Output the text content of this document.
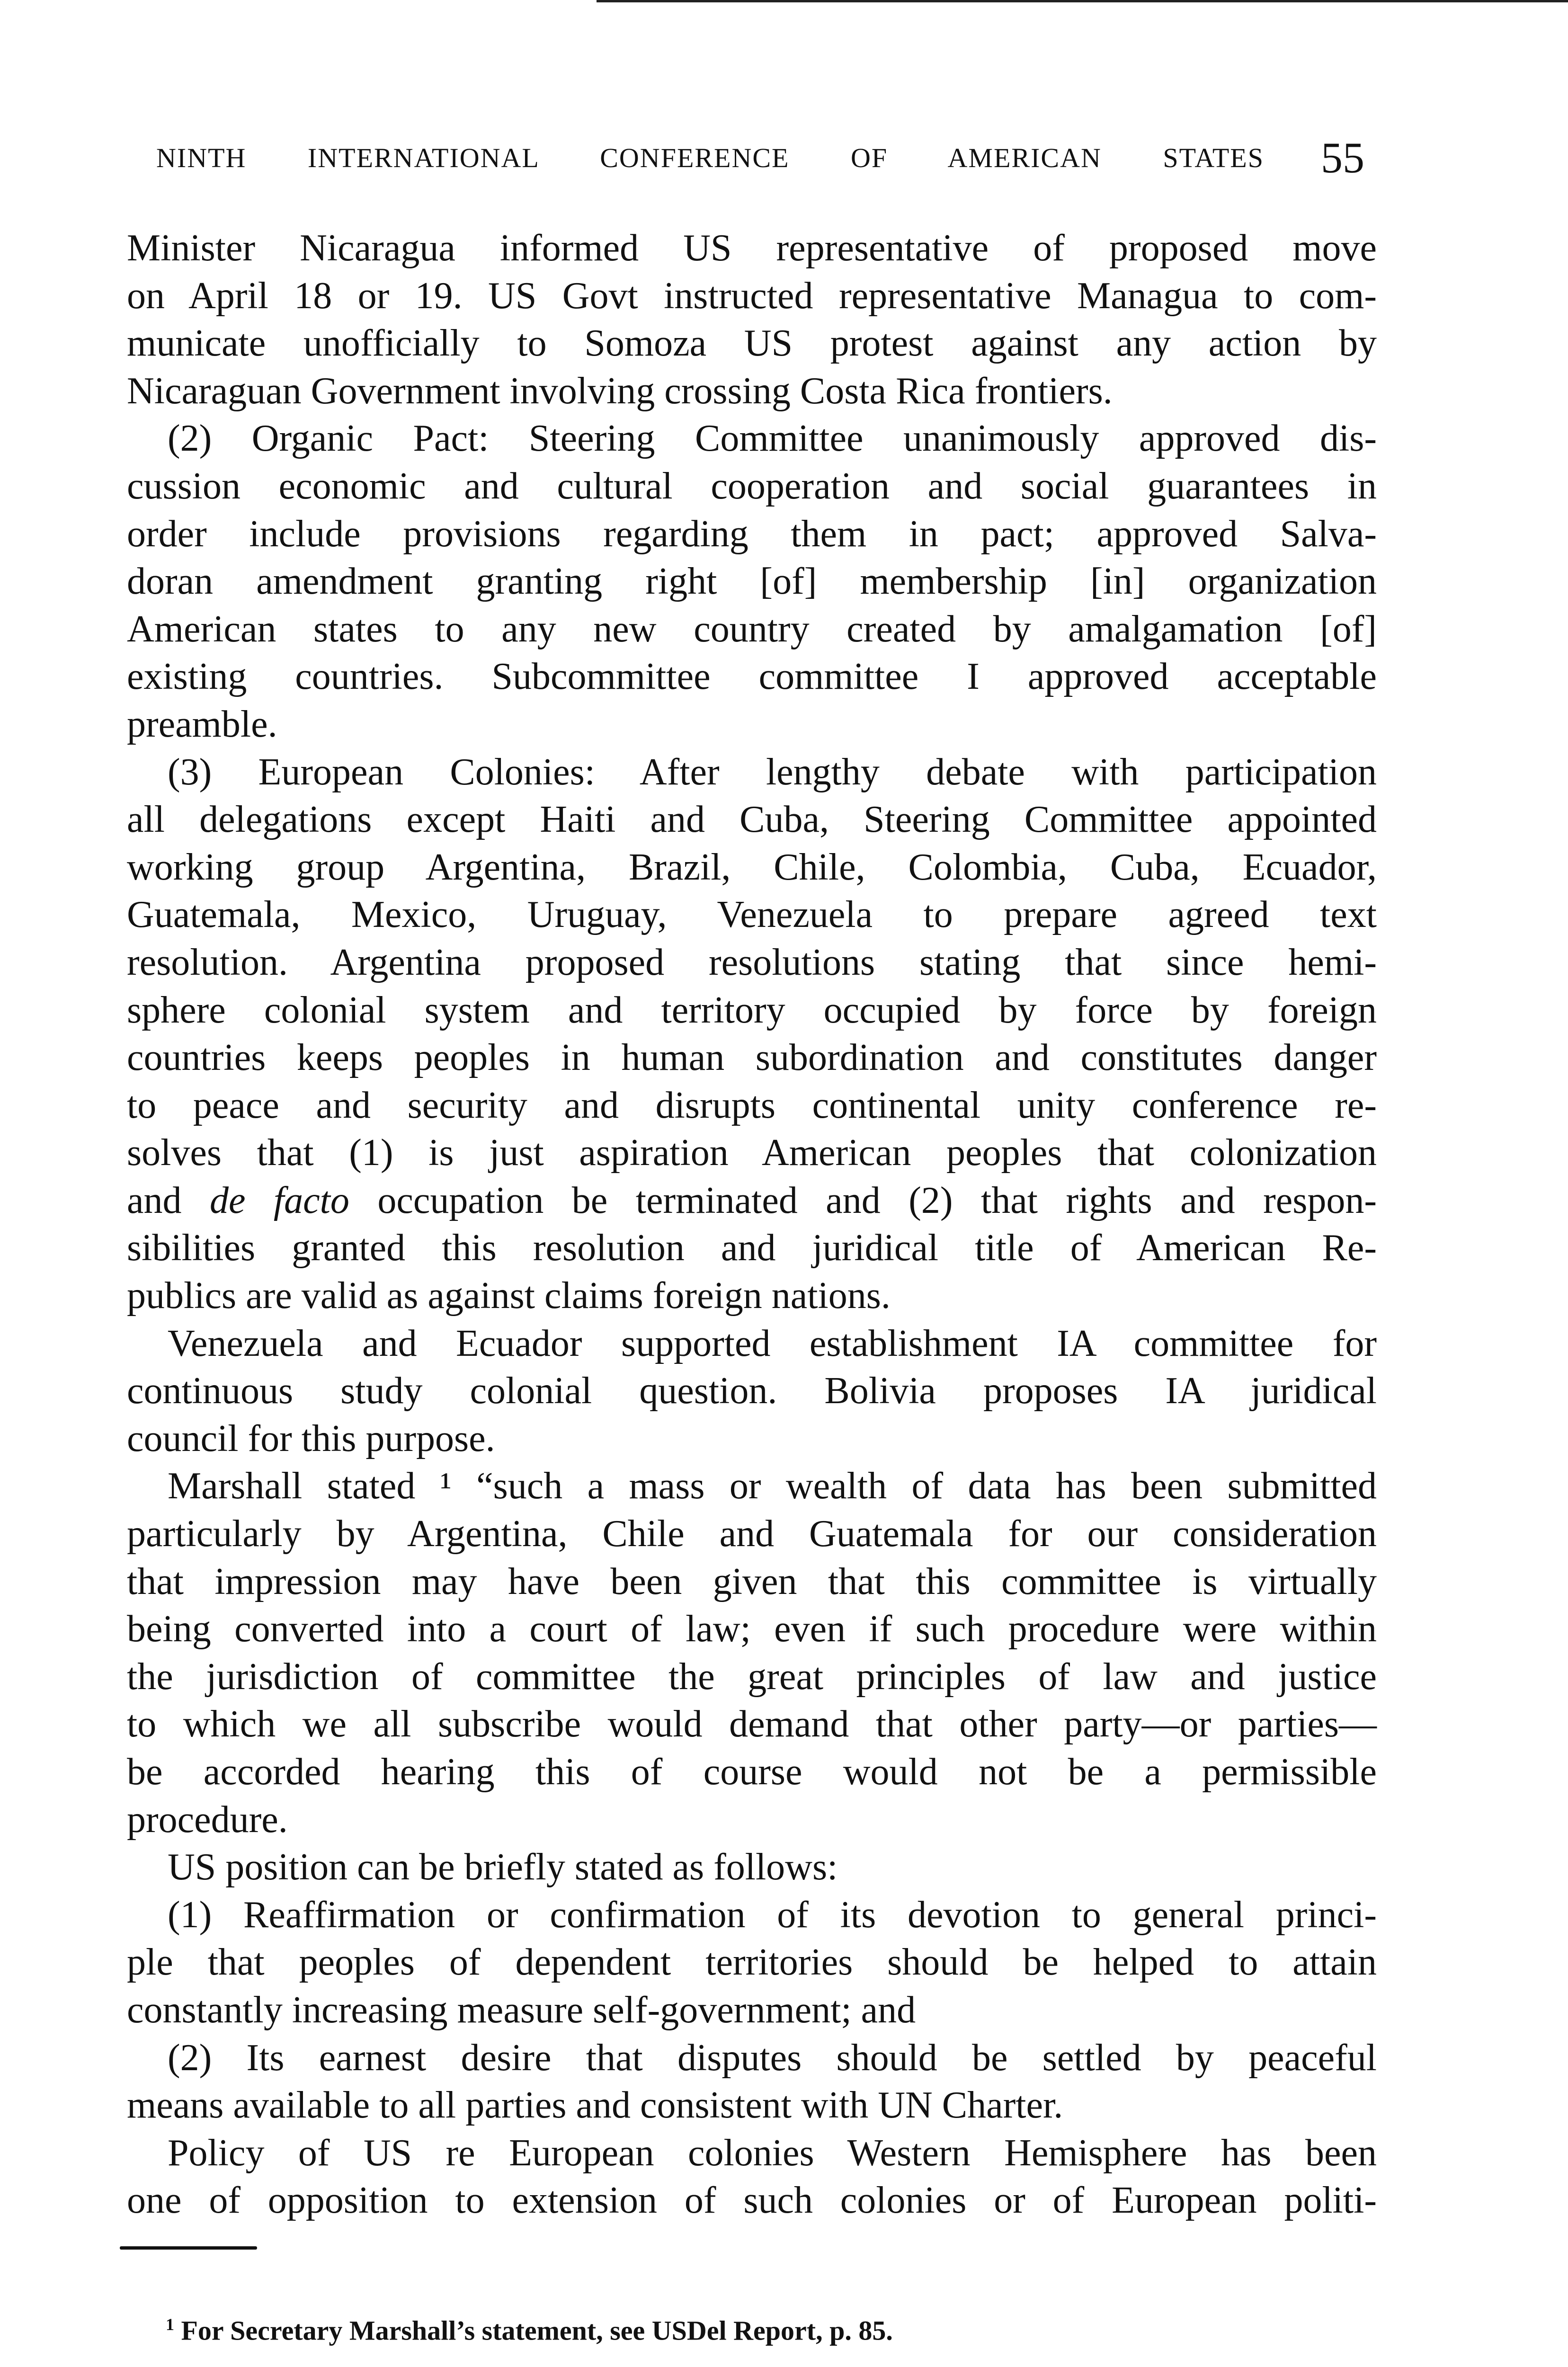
NINTH INTERNATIONAL CONFERENCE OF AMERICAN STATES 55
Minister Nicaragua informed US representative of proposed move
on April 18 or 19. US Govt instructed representative Managua to com-
municate unofficially to Somoza US protest against any action by
Nicaraguan Government involving crossing Costa Rica frontiers.
(2) Organic Pact: Steering Committee unanimously approved dis-
cussion economic and cultural cooperation and social guarantees in
order include provisions regarding them in pact; approved Salva-
doran amendment granting right [of] membership [in] organization
American states to any new country created by amalgamation [of]
existing countries. Subcommittee committee I approved acceptable
preamble.
(3) European Colonies: After lengthy debate with participation
all delegations except Haiti and Cuba, Steering Committee appointed
working group Argentina, Brazil, Chile, Colombia, Cuba, Ecuador,
Guatemala, Mexico, Uruguay, Venezuela to prepare agreed text
resolution. Argentina proposed resolutions stating that since hemi-
sphere colonial system and territory occupied by force by foreign
countries keeps peoples in human subordination and constitutes danger
to peace and security and disrupts continental unity conference re-
solves that (1) is just aspiration American peoples that colonization
and de facto occupation be terminated and (2) that rights and respon-
sibilities granted this resolution and juridical title of American Re-
publics are valid as against claims foreign nations.
Venezuela and Ecuador supported establishment IA committee for
continuous study colonial question. Bolivia proposes IA juridical
council for this purpose.
Marshall stated ¹ “such a mass or wealth of data has been submitted
particularly by Argentina, Chile and Guatemala for our consideration
that impression may have been given that this committee is virtually
being converted into a court of law; even if such procedure were within
the jurisdiction of committee the great principles of law and justice
to which we all subscribe would demand that other party—or parties—
be accorded hearing this of course would not be a permissible
procedure.
US position can be briefly stated as follows:
(1) Reaffirmation or confirmation of its devotion to general princi-
ple that peoples of dependent territories should be helped to attain
constantly increasing measure self-government; and
(2) Its earnest desire that disputes should be settled by peaceful
means available to all parties and consistent with UN Charter.
Policy of US re European colonies Western Hemisphere has been
one of opposition to extension of such colonies or of European politi-
$^1$ For Secretary Marshall’s statement, see USDel Report, p. 85.
